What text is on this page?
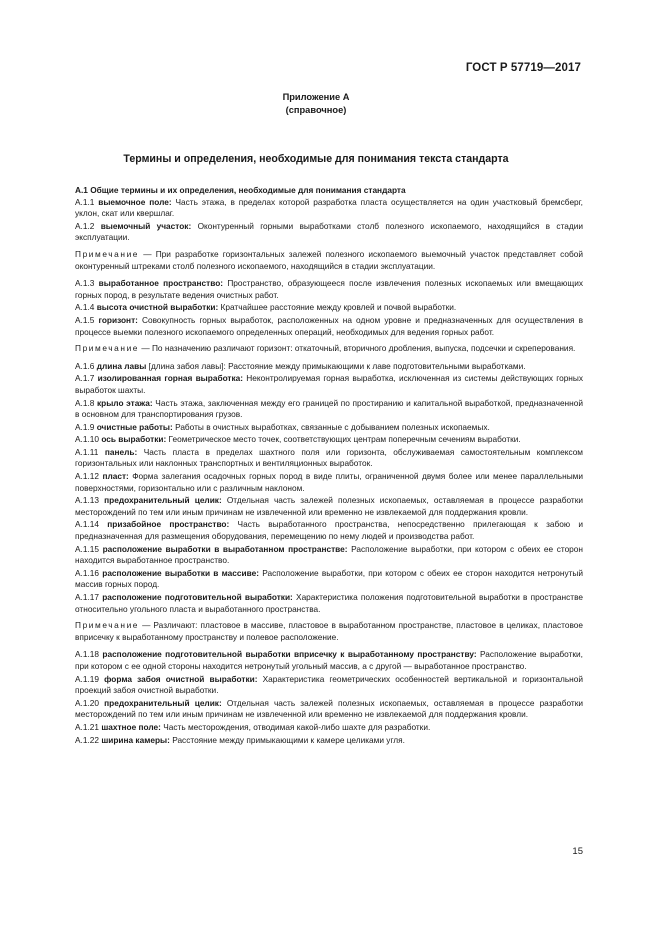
ГОСТ Р 57719—2017
Приложение А
(справочное)
Термины и определения, необходимые для понимания текста стандарта

А.1 Общие термины и их определения, необходимые для понимания стандарта

А.1.1 выемочное поле: Часть этажа, в пределах которой разработка пласта осуществляется на один участковый бремсберг, уклон, скат или квершлаг.

А.1.2 выемочный участок: Оконтуренный горными выработками столб полезного ископаемого, находящийся в стадии эксплуатации.

Примечание — При разработке горизонтальных залежей полезного ископаемого выемочный участок представляет собой оконтуренный штреками столб полезного ископаемого, находящийся в стадии эксплуатации.

А.1.3 выработанное пространство: Пространство, образующееся после извлечения полезных ископаемых или вмещающих горных пород, в результате ведения очистных работ.

А.1.4 высота очистной выработки: Кратчайшее расстояние между кровлей и почвой выработки.

А.1.5 горизонт: Совокупность горных выработок, расположенных на одном уровне и предназначенных для осуществления в процессе выемки полезного ископаемого определенных операций, необходимых для ведения горных работ.

Примечание — По назначению различают горизонт: откаточный, вторичного дробления, выпуска, подсечки и скреперования.

А.1.6 длина лавы [длина забоя лавы]: Расстояние между примыкающими к лаве подготовительными выработками.

А.1.7 изолированная горная выработка: Неконтролируемая горная выработка, исключенная из системы действующих горных выработок шахты.

А.1.8 крыло этажа: Часть этажа, заключенная между его границей по простиранию и капитальной выработкой, предназначенной в основном для транспортирования грузов.

А.1.9 очистные работы: Работы в очистных выработках, связанные с добыванием полезных ископаемых.

А.1.10 ось выработки: Геометрическое место точек, соответствующих центрам поперечным сечениям выработки.

А.1.11 панель: Часть пласта в пределах шахтного поля или горизонта, обслуживаемая самостоятельным комплексом горизонтальных или наклонных транспортных и вентиляционных выработок.

А.1.12 пласт: Форма залегания осадочных горных пород в виде плиты, ограниченной двумя более или менее параллельными поверхностями, горизонтально или с различным наклоном.

А.1.13 предохранительный целик: Отдельная часть залежей полезных ископаемых, оставляемая в процессе разработки месторождений по тем или иным причинам не извлеченной или временно не извлекаемой для поддержания кровли.

А.1.14 призабойное пространство: Часть выработанного пространства, непосредственно прилегающая к забою и предназначенная для размещения оборудования, перемещению по нему людей и производства работ.

А.1.15 расположение выработки в выработанном пространстве: Расположение выработки, при котором с обеих ее сторон находится выработанное пространство.

А.1.16 расположение выработки в массиве: Расположение выработки, при котором с обеих ее сторон находится нетронутый массив горных пород.

А.1.17 расположение подготовительной выработки: Характеристика положения подготовительной выработки в пространстве относительно угольного пласта и выработанного пространства.

Примечание — Различают: пластовое в массиве, пластовое в выработанном пространстве, пластовое в целиках, пластовое вприсечку к выработанному пространству и полевое расположение.

А.1.18 расположение подготовительной выработки вприсечку к выработанному пространству: Расположение выработки, при котором с ее одной стороны находится нетронутый угольный массив, а с другой — выработанное пространство.

А.1.19 форма забоя очистной выработки: Характеристика геометрических особенностей вертикальной и горизонтальной проекций забоя очистной выработки.

А.1.20 предохранительный целик: Отдельная часть залежей полезных ископаемых, оставляемая в процессе разработки месторождений по тем или иным причинам не извлеченной или временно не извлекаемой для поддержания кровли.

А.1.21 шахтное поле: Часть месторождения, отводимая какой-либо шахте для разработки.

А.1.22 ширина камеры: Расстояние между примыкающими к камере целиками угля.

15
